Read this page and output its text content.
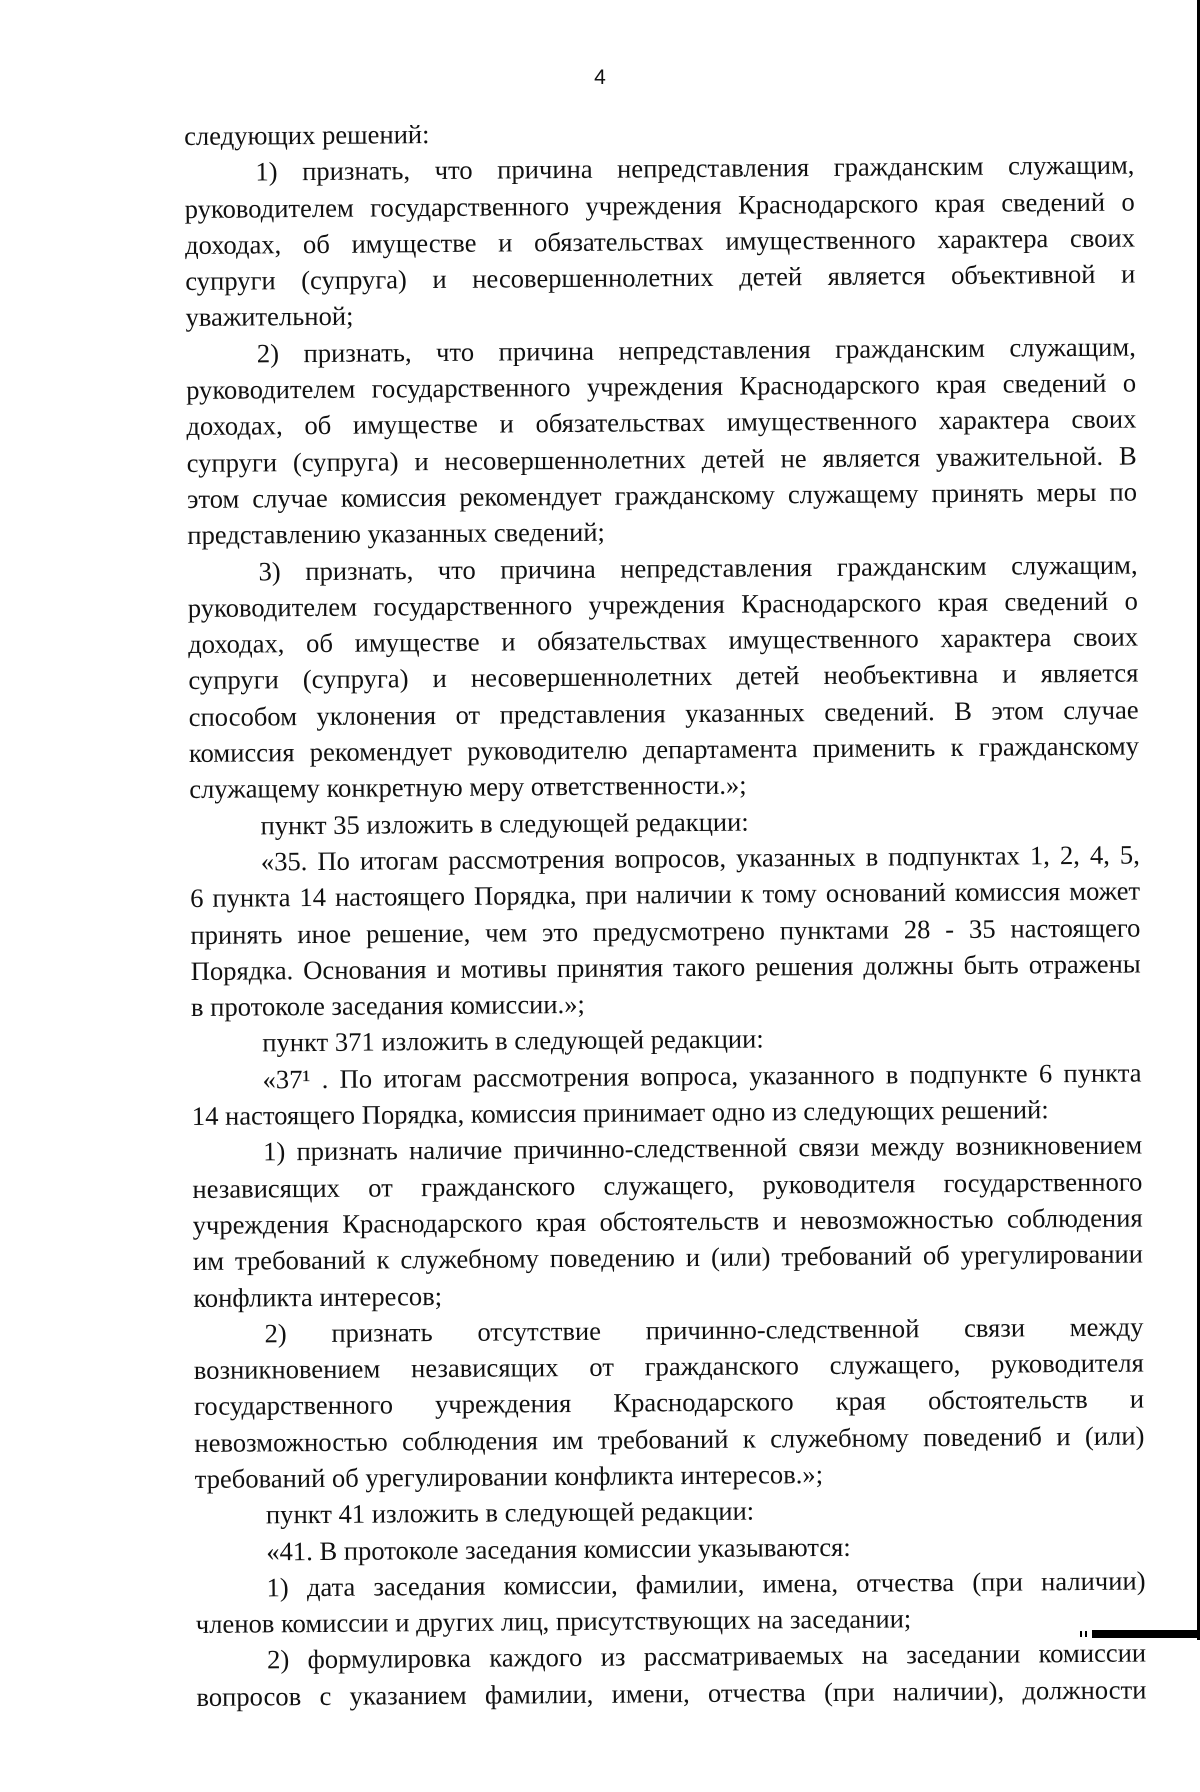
4
следующих решений:
1) признать, что причина непредставления гражданским служащим,
руководителем государственного учреждения Краснодарского края сведений о
доходах, об имуществе и обязательствах имущественного характера своих
супруги (супруга) и несовершеннолетних детей является объективной и
уважительной;
2) признать, что причина непредставления гражданским служащим,
руководителем государственного учреждения Краснодарского края сведений о
доходах, об имуществе и обязательствах имущественного характера своих
супруги (супруга) и несовершеннолетних детей не является уважительной. В
этом случае комиссия рекомендует гражданскому служащему принять меры по
представлению указанных сведений;
3) признать, что причина непредставления гражданским служащим,
руководителем государственного учреждения Краснодарского края сведений о
доходах, об имуществе и обязательствах имущественного характера своих
супруги (супруга) и несовершеннолетних детей необъективна и является
способом уклонения от представления указанных сведений. В этом случае
комиссия рекомендует руководителю департамента применить к гражданскому
служащему конкретную меру ответственности.»;
пункт 35 изложить в следующей редакции:
«35. По итогам рассмотрения вопросов, указанных в подпунктах 1, 2, 4, 5,
6 пункта 14 настоящего Порядка, при наличии к тому оснований комиссия может
принять иное решение, чем это предусмотрено пунктами 28 - 35 настоящего
Порядка. Основания и мотивы принятия такого решения должны быть отражены
в протоколе заседания комиссии.»;
пункт 371 изложить в следующей редакции:
«37¹ . По итогам рассмотрения вопроса, указанного в подпункте 6 пункта
14 настоящего Порядка, комиссия принимает одно из следующих решений:
1) признать наличие причинно-следственной связи между возникновением
независящих от гражданского служащего, руководителя государственного
учреждения Краснодарского края обстоятельств и невозможностью соблюдения
им требований к служебному поведению и (или) требований об урегулировании
конфликта интересов;
2) признать отсутствие причинно-следственной связи между
возникновением независящих от гражданского служащего, руководителя
государственного учреждения Краснодарского края обстоятельств и
невозможностью соблюдения им требований к служебному поведениб и (или)
требований об урегулировании конфликта интересов.»;
пункт 41 изложить в следующей редакции:
«41. В протоколе заседания комиссии указываются:
1) дата заседания комиссии, фамилии, имена, отчества (при наличии)
членов комиссии и других лиц, присутствующих на заседании;
2) формулировка каждого из рассматриваемых на заседании комиссии
вопросов с указанием фамилии, имени, отчества (при наличии), должности
